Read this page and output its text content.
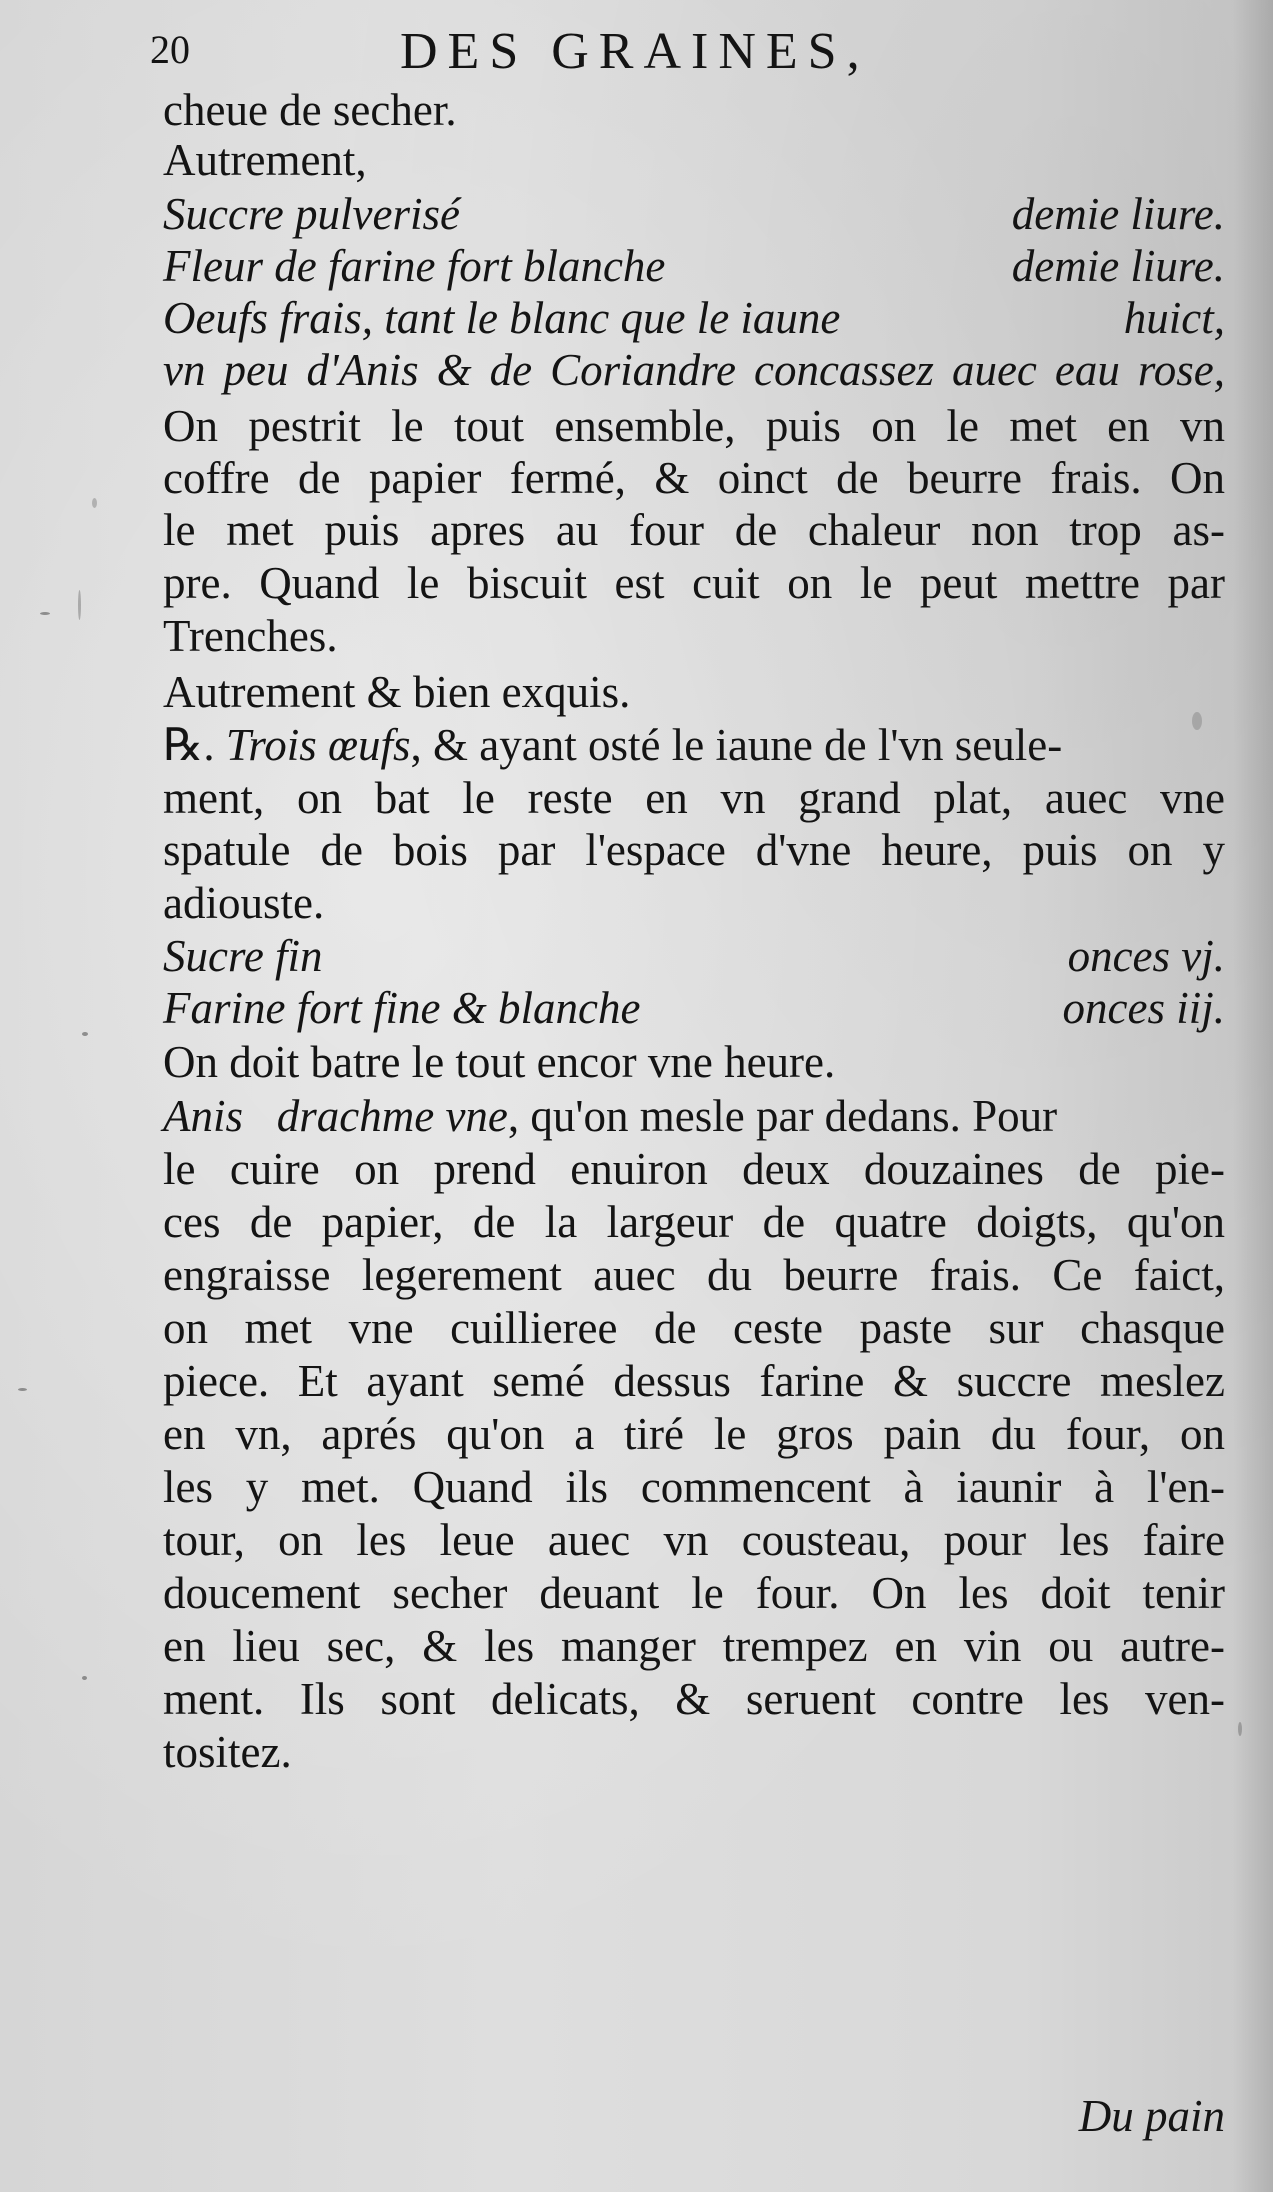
20	DES GRAINES,
cheue de secher.
Autrement,
Succre pulverisé	demie liure.
Fleur de farine fort blanche	demie liure.
Oeufs frais, tant le blanc que le iaune	huict,
vn peu d'Anis & de Coriandre concassez auec eau rose,
On pestrit le tout ensemble, puis on le met en vn
coffre de papier fermé, & oinct de beurre frais. On
le met puis apres au four de chaleur non trop as-
pre. Quand le biscuit est cuit on le peut mettre par
Trenches.
Autrement & bien exquis.
℞. Trois œufs, & ayant osté le iaune de l'vn seule-
ment, on bat le reste en vn grand plat, auec vne
spatule de bois par l'espace d'vne heure, puis on y
adiouste.
Sucre fin	onces vj.
Farine fort fine & blanche	onces iij.
On doit batre le tout encor vne heure.
Anis   drachme vne, qu'on mesle par dedans. Pour
le cuire on prend enuiron deux douzaines de pie-
ces de papier, de la largeur de quatre doigts, qu'on
engraisse legerement auec du beurre frais. Ce faict,
on met vne cuillieree de ceste paste sur chasque
piece. Et ayant semé dessus farine & succre meslez
en vn, aprés qu'on a tiré le gros pain du four, on
les y met. Quand ils commencent à iaunir à l'en-
tour, on les leue auec vn cousteau, pour les faire
doucement secher deuant le four. On les doit tenir
en lieu sec, & les manger trempez en vin ou autre-
ment. Ils sont delicats, & seruent contre les ven-
tositez.
Du pain
